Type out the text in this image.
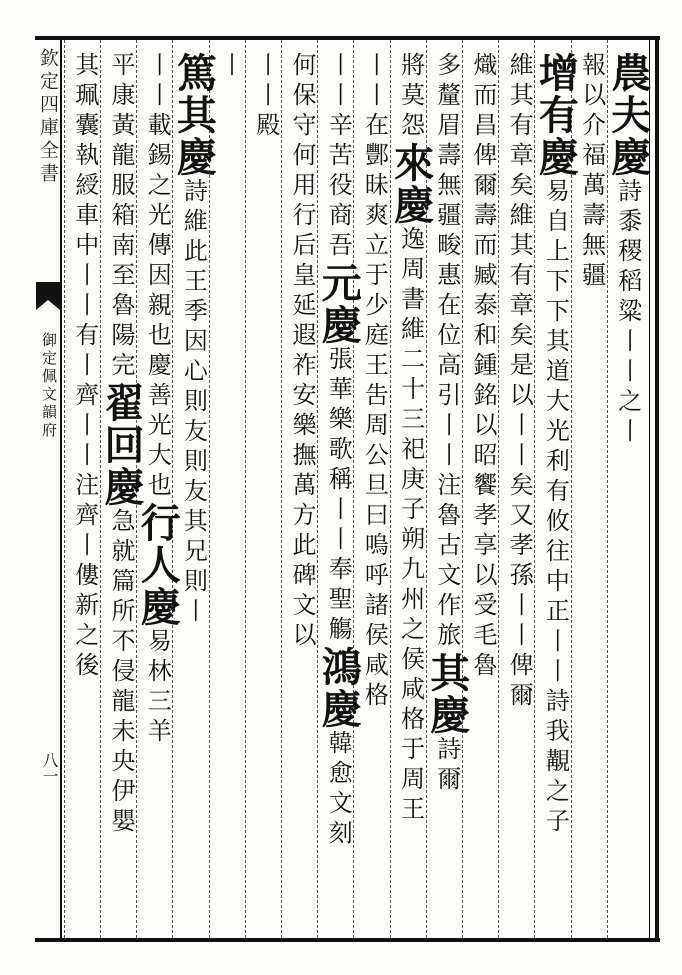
欽定四庫全書
御定佩文韻府
八一
農夫慶詩黍稷稻粱丨丨之丨
報以介福萬壽無疆
增有慶易自上下下其道大光利有攸往中正丨丨詩我覯之子
維其有章矣維其有章矣是以丨丨矣又孝孫丨丨俾爾
熾而昌俾爾壽而臧泰和鍾銘以昭饗孝享以受毛魯
多釐眉壽無疆畯惠在位高引丨丨注魯古文作旅其慶詩爾
將莫怨來慶逸周書維二十三祀庚子朔九州之侯咸格于周王
丨丨在酆昧爽立于少庭王吿周公旦曰嗚呼諸侯咸格
丨丨辛苦役商吾元慶張華樂歌稱丨丨奉聖觴鴻慶韓愈文刻
何保守何用行后皇延遐祚安樂撫萬方此碑文以
丨丨殿
丨
篤其慶詩維此王季因心則友則友其兄則丨
丨丨載錫之光傳因親也慶善光大也行人慶易林三羊
平康黃龍服箱南至魯陽完翟回慶急就篇所不侵龍未央伊嬰
其珮囊執綬車中丨丨有丨齊丨丨注齊丨僂新之後
